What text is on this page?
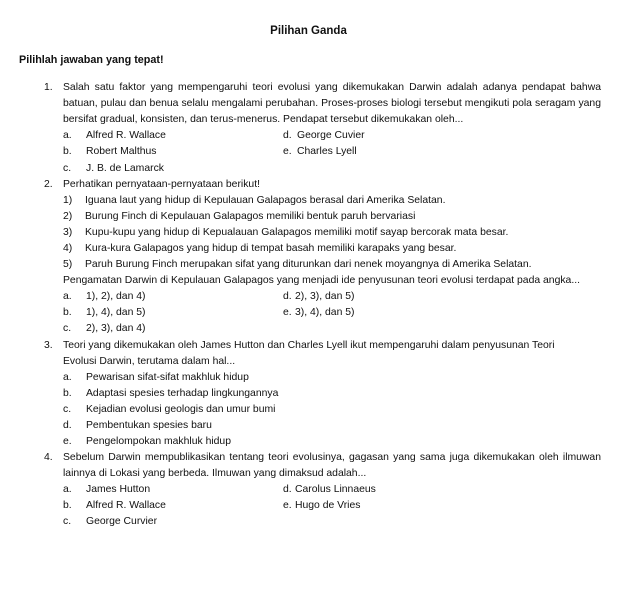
Pilihan Ganda
Pilihlah jawaban yang tepat!
1. Salah satu faktor yang mempengaruhi teori evolusi yang dikemukakan Darwin adalah adanya pendapat bahwa batuan, pulau dan benua selalu mengalami perubahan. Proses-proses biologi tersebut mengikuti pola seragam yang bersifat gradual, konsisten, dan terus-menerus. Pendapat tersebut dikemukakan oleh...
a. Alfred R. Wallace	d. George Cuvier
b. Robert Malthus	e. Charles Lyell
c. J. B. de Lamarck
2. Perhatikan pernyataan-pernyataan berikut!
1) Iguana laut yang hidup di Kepulauan Galapagos berasal dari Amerika Selatan.
2) Burung Finch di Kepulauan Galapagos memiliki bentuk paruh bervariasi
3) Kupu-kupu yang hidup di Kepualauan Galapagos memiliki motif sayap bercorak mata besar.
4) Kura-kura Galapagos yang hidup di tempat basah memiliki karapaks yang besar.
5) Paruh Burung Finch merupakan sifat yang diturunkan dari nenek moyangnya di Amerika Selatan.
Pengamatan Darwin di Kepulauan Galapagos yang menjadi ide penyusunan teori evolusi terdapat pada angka...
a. 1), 2), dan 4)	d. 2), 3), dan 5)
b. 1), 4), dan 5)	e. 3), 4), dan 5)
c. 2), 3), dan 4)
3. Teori yang dikemukakan oleh James Hutton dan Charles Lyell ikut mempengaruhi dalam penyusunan Teori Evolusi Darwin, terutama dalam hal...
a. Pewarisan sifat-sifat makhluk hidup
b. Adaptasi spesies terhadap lingkungannya
c. Kejadian evolusi geologis dan umur bumi
d. Pembentukan spesies baru
e. Pengelompokan makhluk hidup
4. Sebelum Darwin mempublikasikan tentang teori evolusinya, gagasan yang sama juga dikemukakan oleh ilmuwan lainnya di Lokasi yang berbeda. Ilmuwan yang dimaksud adalah...
a. James Hutton	d. Carolus Linnaeus
b. Alfred R. Wallace	e. Hugo de Vries
c. George Curvier
